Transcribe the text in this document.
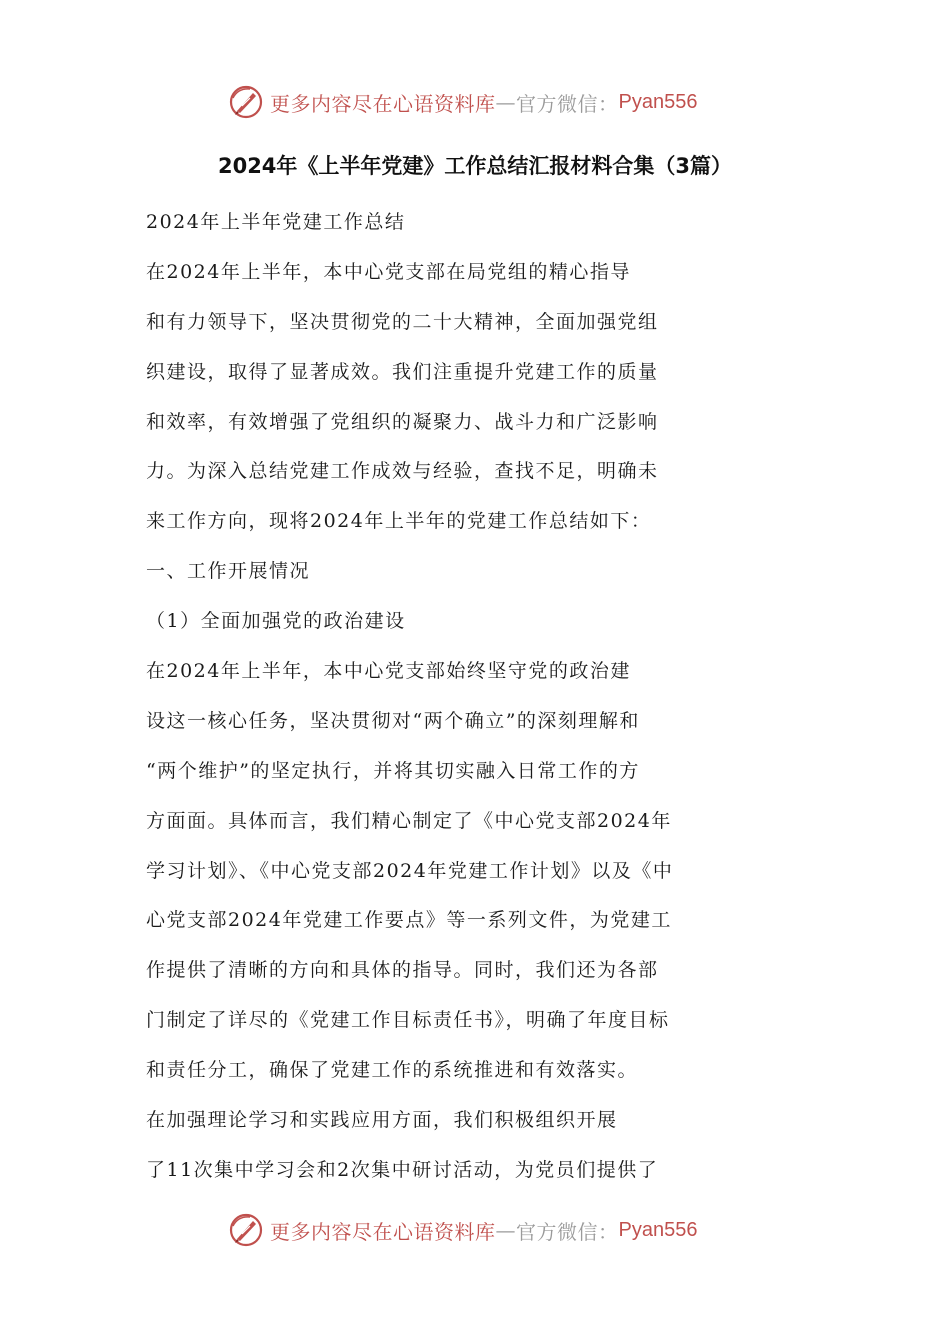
更多内容尽在心语资料库 — 官方微信： Pyan556
2024年《上半年党建》工作总结汇报材料合集（3篇）
2024年上半年党建工作总结
在2024年上半年，本中心党支部在局党组的精心指导
和有力领导下，坚决贯彻党的二十大精神，全面加强党组
织建设，取得了显著成效。我们注重提升党建工作的质量
和效率，有效增强了党组织的凝聚力、战斗力和广泛影响
力。为深入总结党建工作成效与经验，查找不足，明确未
来工作方向，现将2024年上半年的党建工作总结如下：
一、工作开展情况
（1）全面加强党的政治建设
在2024年上半年，本中心党支部始终坚守党的政治建
设这一核心任务，坚决贯彻对“两个确立”的深刻理解和
“两个维护”的坚定执行，并将其切实融入日常工作的方
方面面。具体而言，我们精心制定了《中心党支部2024年
学习计划》、《中心党支部2024年党建工作计划》以及《中
心党支部2024年党建工作要点》等一系列文件，为党建工
作提供了清晰的方向和具体的指导。同时，我们还为各部
门制定了详尽的《党建工作目标责任书》，明确了年度目标
和责任分工，确保了党建工作的系统推进和有效落实。
在加强理论学习和实践应用方面，我们积极组织开展
了11次集中学习会和2次集中研讨活动，为党员们提供了
更多内容尽在心语资料库 — 官方微信： Pyan556
